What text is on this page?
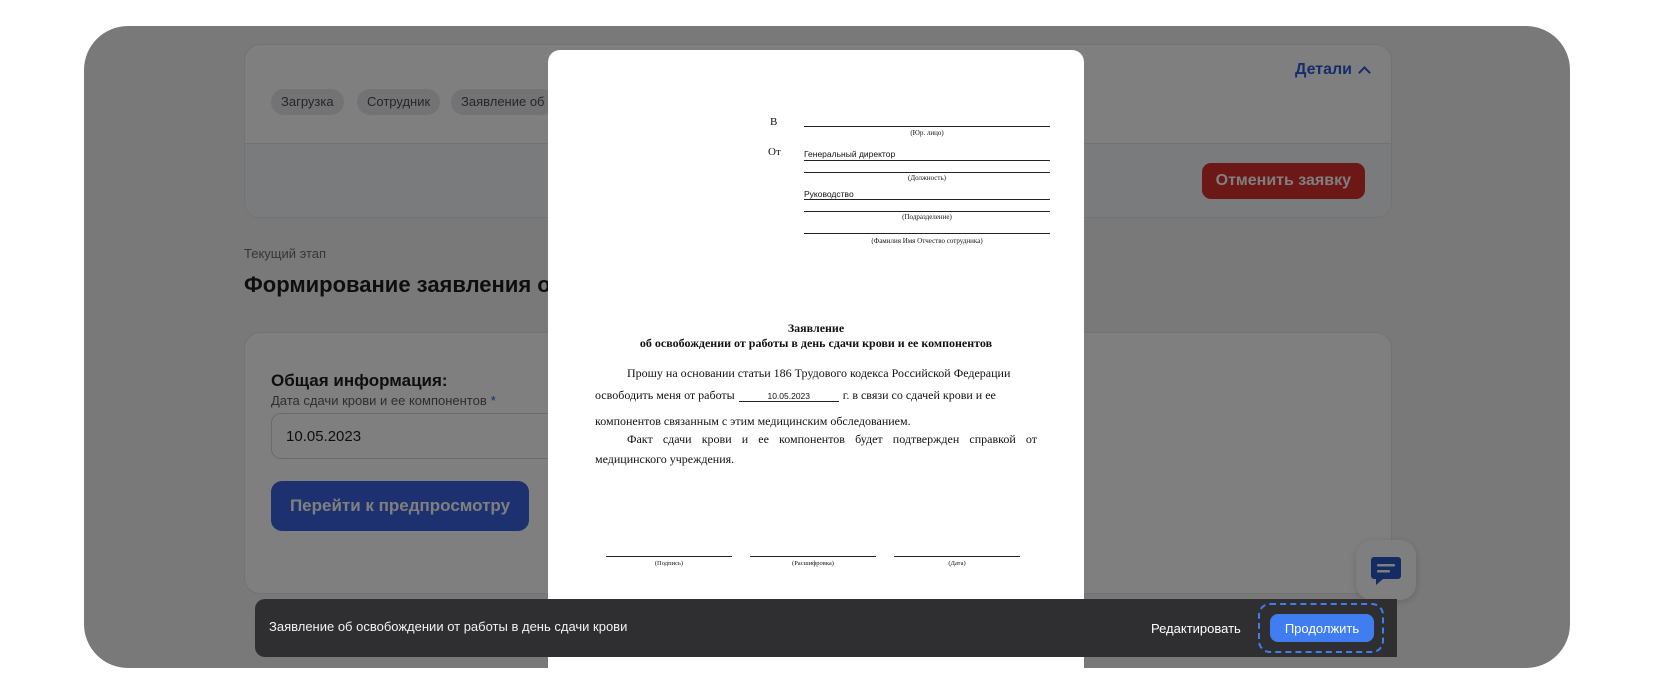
10.05.2023
В
(Юр. лицо)
От	Генеральный директор
(Должность)
Руководство
(Подразделение)
(Фамилия Имя Отчество сотрудника)
Заявление
об освобождении от работы в день сдачи крови и ее компонентов
Прошу на основании статьи 186 Трудового кодекса Российской Федерации
освободить меня от работы	10.05.2023	г. в связи со сдачей крови и ее
компонентов связанным с этим медицинским обследованием.
Факт сдачи крови и ее компонентов будет подтвержден справкой от
медицинского учреждения.
(Подпись)	(Расшифровка)	(Дата)
Заявление об освобождении от работы в день сдачи крови	Редактировать	Продолжить
